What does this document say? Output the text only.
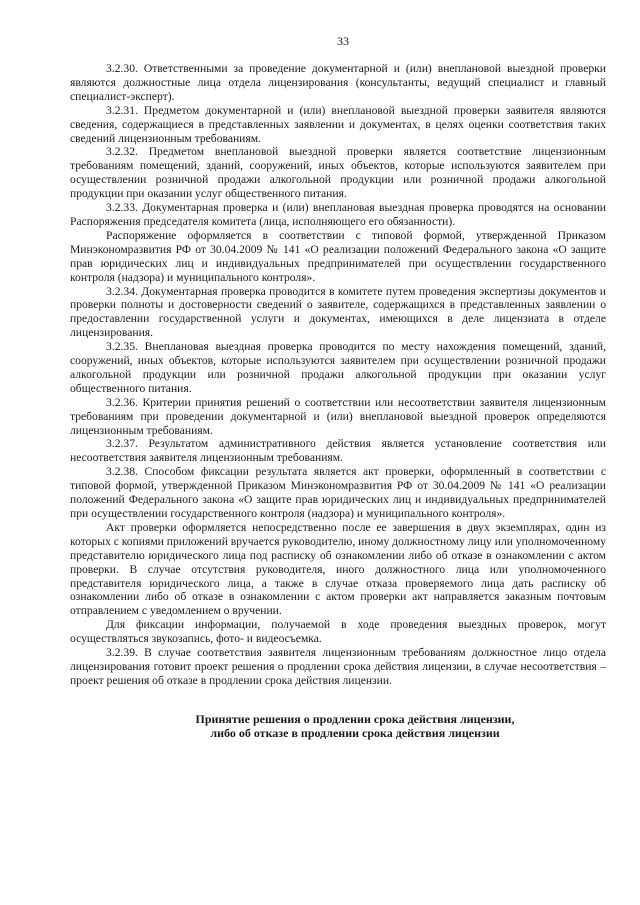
33

3.2.30. Ответственными за проведение документарной и (или) внеплановой выездной проверки являются должностные лица отдела лицензирования (консультанты, ведущий специалист и главный специалист-эксперт).

3.2.31. Предметом документарной и (или) внеплановой выездной проверки заявителя являются сведения, содержащиеся в представленных заявлении и документах, в целях оценки соответствия таких сведений лицензионным требованиям.

3.2.32. Предметом внеплановой выездной проверки является соответствие лицензионным требованиям помещений, зданий, сооружений, иных объектов, которые используются заявителем при осуществлении розничной продажи алкогольной продукции или розничной продажи алкогольной продукции при оказании услуг общественного питания.

3.2.33. Документарная проверка и (или) внеплановая выездная проверка проводятся на основании Распоряжения председателя комитета (лица, исполняющего его обязанности).

Распоряжение оформляется в соответствии с типовой формой, утвержденной Приказом Минэкономразвития РФ от 30.04.2009 № 141 «О реализации положений Федерального закона «О защите прав юридических лиц и индивидуальных предпринимателей при осуществлении государственного контроля (надзора) и муниципального контроля».

3.2.34. Документарная проверка проводится в комитете путем проведения экспертизы документов и проверки полноты и достоверности сведений о заявителе, содержащихся в представленных заявлении о предоставлении государственной услуги и документах, имеющихся в деле лицензиата в отделе лицензирования.

3.2.35. Внеплановая выездная проверка проводится по месту нахождения помещений, зданий, сооружений, иных объектов, которые используются заявителем при осуществлении розничной продажи алкогольной продукции или розничной продажи алкогольной продукции при оказании услуг общественного питания.

3.2.36. Критерии принятия решений о соответствии или несоответствии заявителя лицензионным требованиям при проведении документарной и (или) внеплановой выездной проверок определяются лицензионным требованиям.

3.2.37. Результатом административного действия является установление соответствия или несоответствия заявителя лицензионным требованиям.

3.2.38. Способом фиксации результата является акт проверки, оформленный в соответствии с типовой формой, утвержденной Приказом Минэкономразвития РФ от 30.04.2009 № 141 «О реализации положений Федерального закона «О защите прав юридических лиц и индивидуальных предпринимателей при осуществлении государственного контроля (надзора) и муниципального контроля».

Акт проверки оформляется непосредственно после ее завершения в двух экземплярах, один из которых с копиями приложений вручается руководителю, иному должностному лицу или уполномоченному представителю юридического лица под расписку об ознакомлении либо об отказе в ознакомлении с актом проверки. В случае отсутствия руководителя, иного должностного лица или уполномоченного представителя юридического лица, а также в случае отказа проверяемого лица дать расписку об ознакомлении либо об отказе в ознакомлении с актом проверки акт направляется заказным почтовым отправлением с уведомлением о вручении.

Для фиксации информации, получаемой в ходе проведения выездных проверок, могут осуществляться звукозапись, фото- и видеосъемка.

3.2.39. В случае соответствия заявителя лицензионным требованиям должностное лицо отдела лицензирования готовит проект решения о продлении срока действия лицензии, в случае несоответствия – проект решения об отказе в продлении срока действия лицензии.

Принятие решения о продлении срока действия лицензии,
либо об отказе в продлении срока действия лицензии
